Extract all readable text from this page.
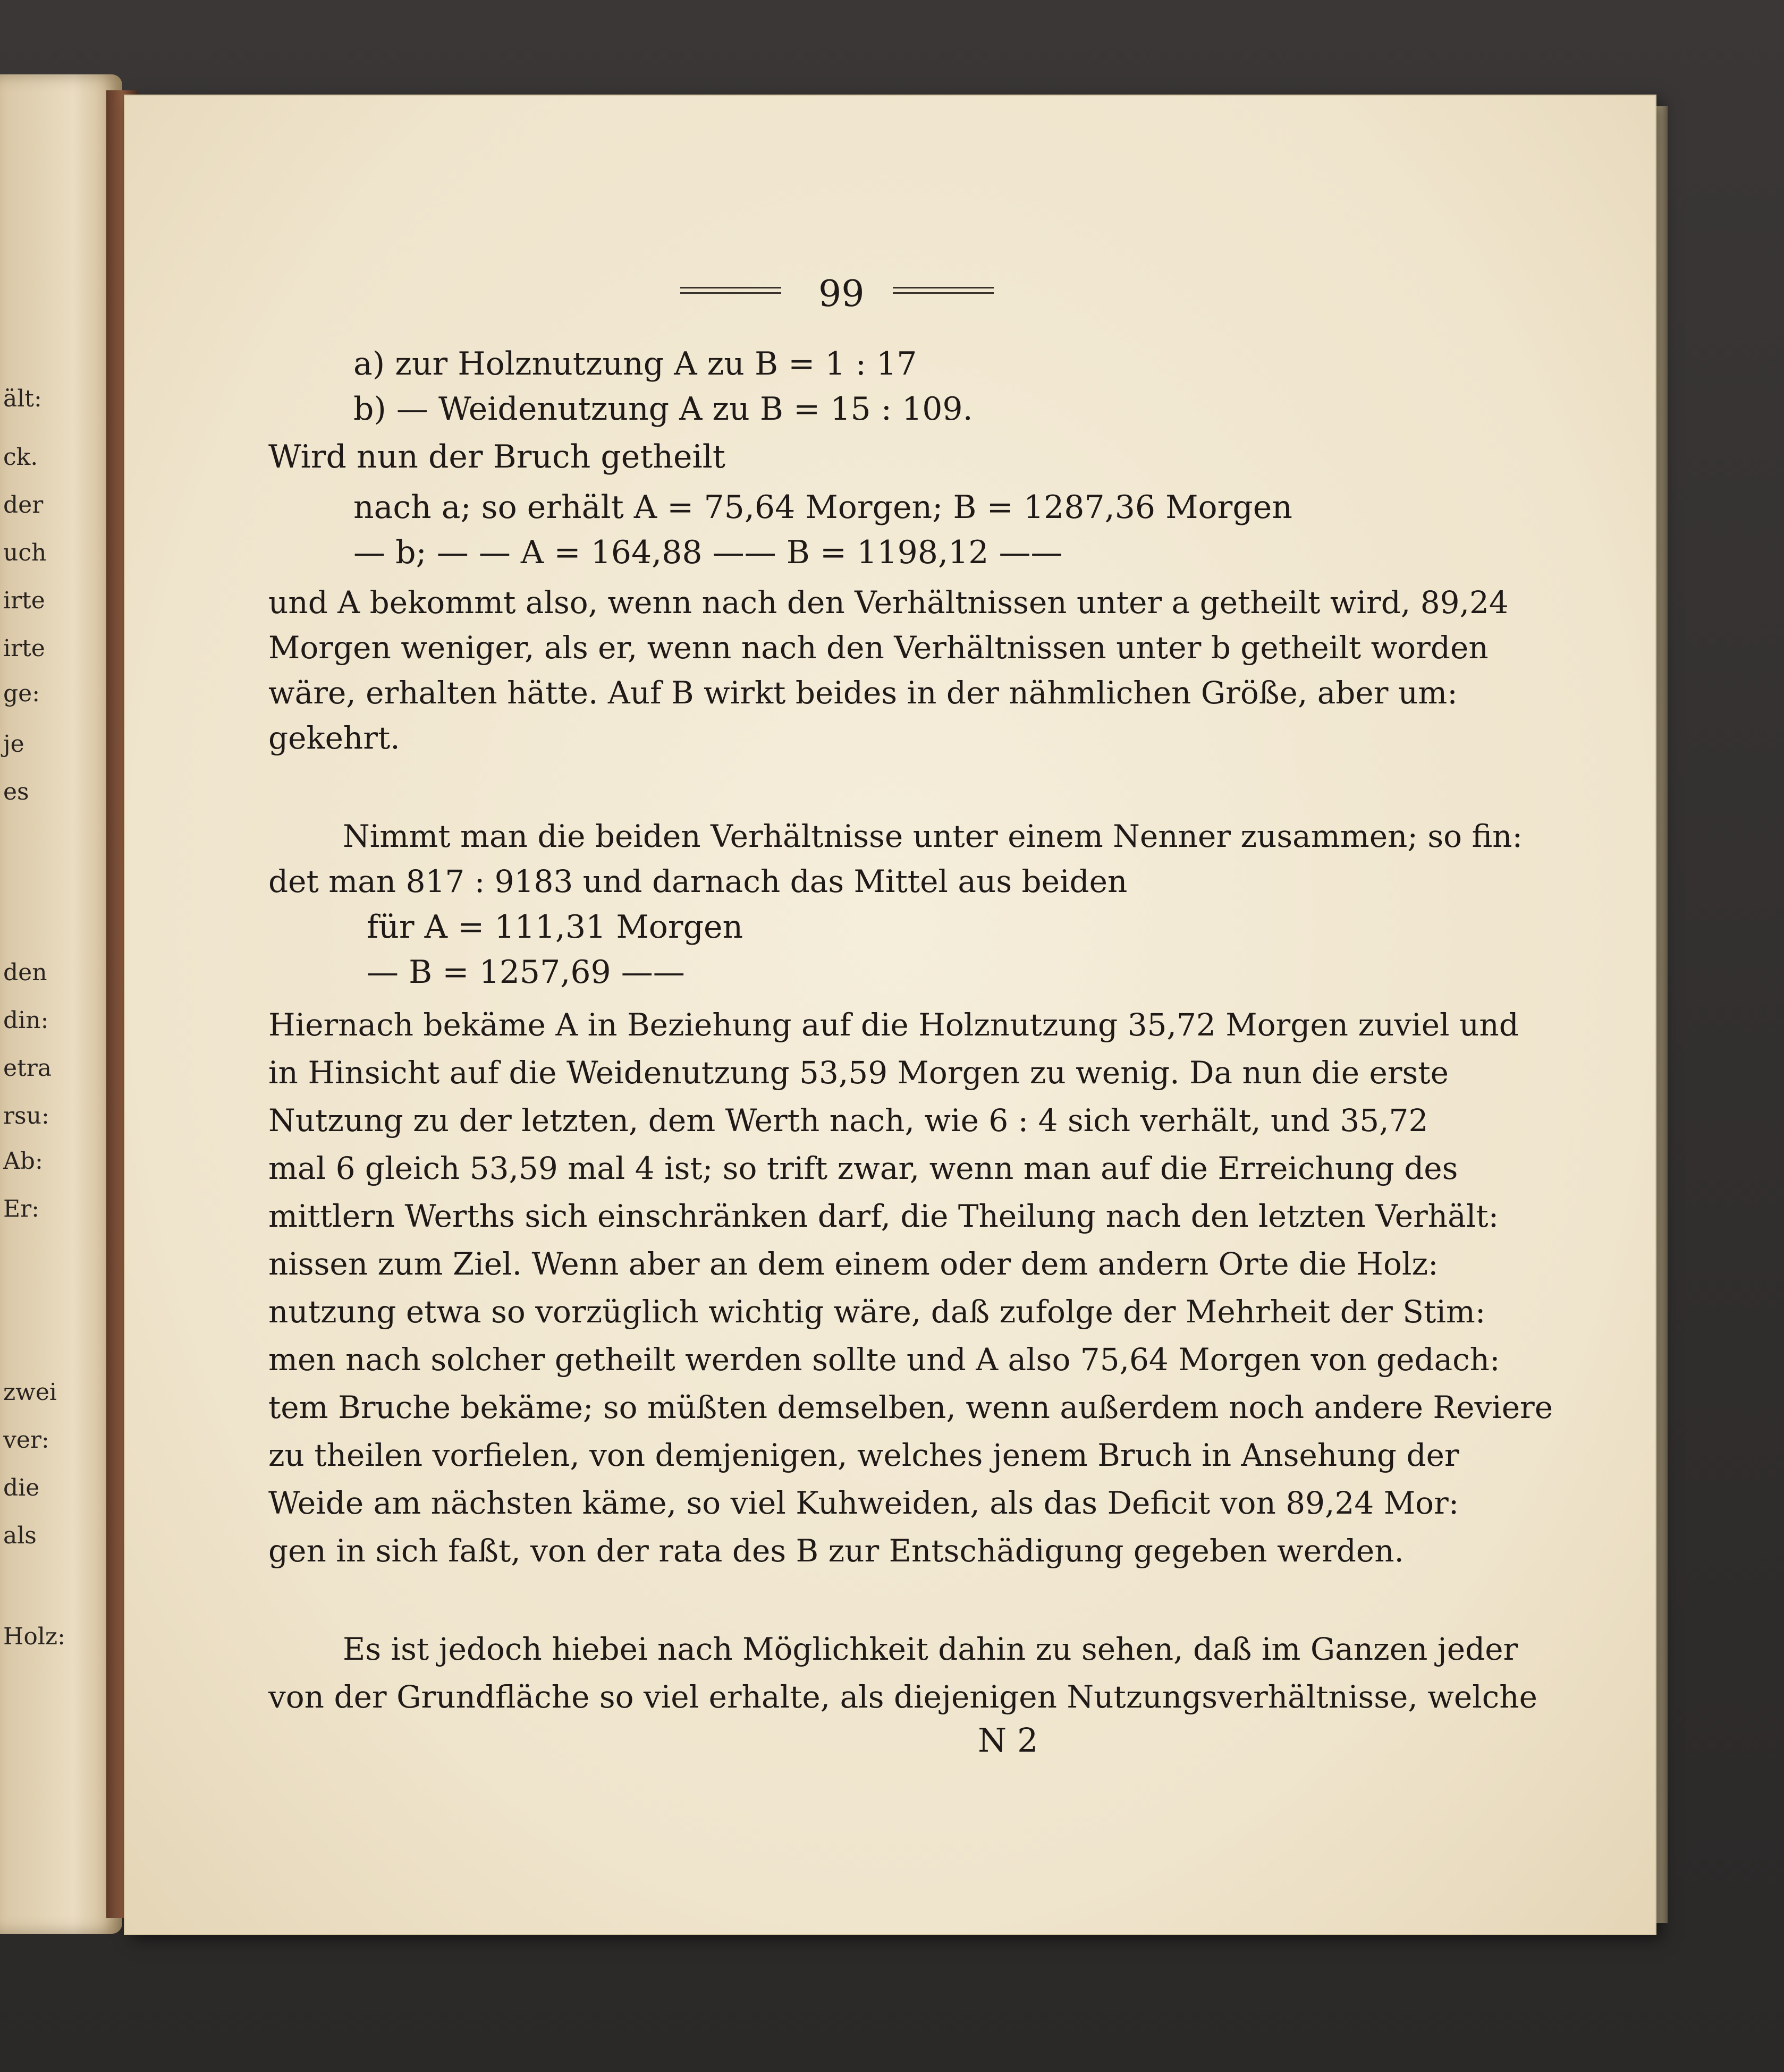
ält:
ck.
der
uch
irte
irte
ge:
je
es
den
din:
etra
rsu:
Ab:
Er:
zwei
ver:
die
als
Holz:
99
a) zur Holznutzung A zu B = 1 : 17
b) — Weidenutzung A zu B = 15 : 109.
Wird nun der Bruch getheilt
nach a; so erhält A = 75,64 Morgen; B = 1287,36 Morgen
— b; — — A = 164,88 —— B = 1198,12 ——
und A bekommt also, wenn nach den Verhältnissen unter a getheilt wird, 89,24
Morgen weniger, als er, wenn nach den Verhältnissen unter b getheilt worden
wäre, erhalten hätte. Auf B wirkt beides in der nähmlichen Größe, aber um:
gekehrt.
Nimmt man die beiden Verhältnisse unter einem Nenner zusammen; so fin:
det man 817 : 9183 und darnach das Mittel aus beiden
für A = 111,31 Morgen
— B = 1257,69 ——
Hiernach bekäme A in Beziehung auf die Holznutzung 35,72 Morgen zuviel und
in Hinsicht auf die Weidenutzung 53,59 Morgen zu wenig. Da nun die erste
Nutzung zu der letzten, dem Werth nach, wie 6 : 4 sich verhält, und 35,72
mal 6 gleich 53,59 mal 4 ist; so trift zwar, wenn man auf die Erreichung des
mittlern Werths sich einschränken darf, die Theilung nach den letzten Verhält:
nissen zum Ziel. Wenn aber an dem einem oder dem andern Orte die Holz:
nutzung etwa so vorzüglich wichtig wäre, daß zufolge der Mehrheit der Stim:
men nach solcher getheilt werden sollte und A also 75,64 Morgen von gedach:
tem Bruche bekäme; so müßten demselben, wenn außerdem noch andere Reviere
zu theilen vorfielen, von demjenigen, welches jenem Bruch in Ansehung der
Weide am nächsten käme, so viel Kuhweiden, als das Deficit von 89,24 Mor:
gen in sich faßt, von der rata des B zur Entschädigung gegeben werden.
Es ist jedoch hiebei nach Möglichkeit dahin zu sehen, daß im Ganzen jeder
von der Grundfläche so viel erhalte, als diejenigen Nutzungsverhältnisse, welche
N 2
